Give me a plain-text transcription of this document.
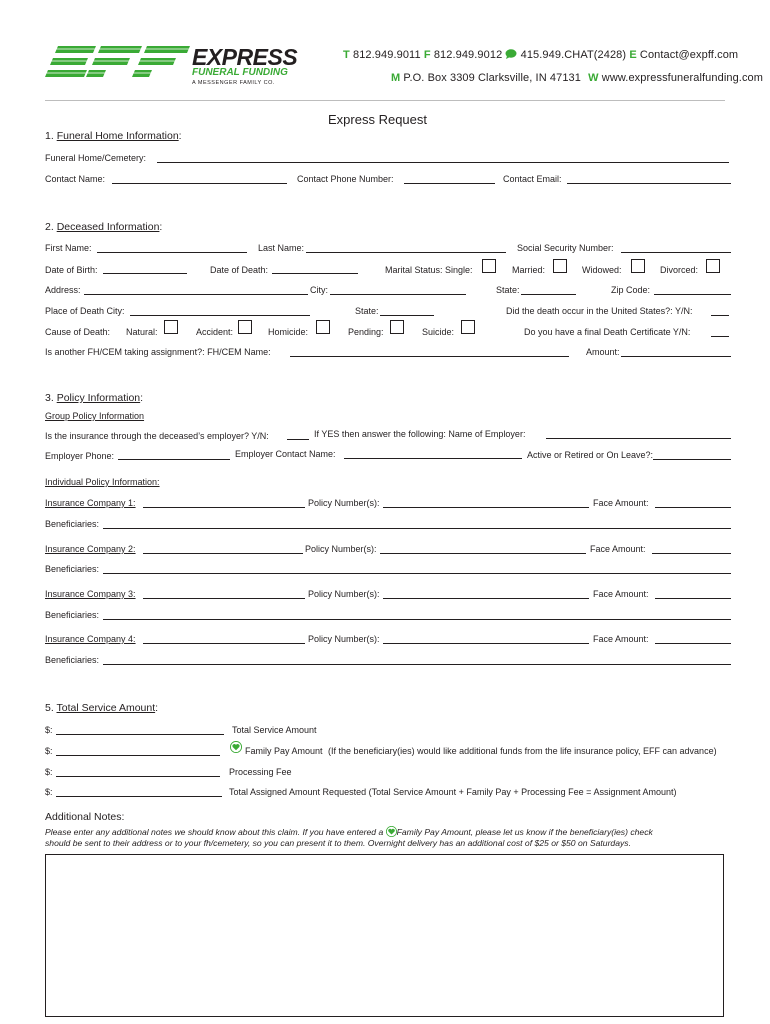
EXPRESS
FUNERAL FUNDING
A MESSENGER FAMILY CO.
T 812.949.9011 F 812.949.9012 415.949.CHAT(2428) E Contact@expff.com
M P.O. Box 3309 Clarksville, IN 47131 W www.expressfuneralfunding.com
Express Request
1. Funeral Home Information:
Funeral Home/Cemetery:
Contact Name:	Contact Phone Number:	Contact Email:
2. Deceased Information:
First Name:	Last Name:	Social Security Number:
Date of Birth:	Date of Death:	Marital Status: Single:	Married:	Widowed:	Divorced:
Address:	City:	State:	Zip Code:
Place of Death City:	State:	Did the death occur in the United States?: Y/N:
Cause of Death: Natural:	Accident:	Homicide:	Pending:	Suicide:	Do you have a final Death Certificate Y/N:
Is another FH/CEM taking assignment?: FH/CEM Name:	Amount:
3. Policy Information:
Group Policy Information
Is the insurance through the deceased’s employer? Y/N:	If YES then answer the following: Name of Employer:
Employer Phone:	Employer Contact Name:	Active or Retired or On Leave?:
Individual Policy Information:
Insurance Company 1:	Policy Number(s):	Face Amount:
Beneficiaries:
Insurance Company 2:	Policy Number(s):	Face Amount:
Beneficiaries:
Insurance Company 3:	Policy Number(s):	Face Amount:
Beneficiaries:
Insurance Company 4:	Policy Number(s):	Face Amount:
Beneficiaries:
5. Total Service Amount:
$:	Total Service Amount
$:	Family Pay Amount (If the beneficiary(ies) would like additional funds from the life insurance policy, EFF can advance)
$:	Processing Fee
$:	Total Assigned Amount Requested (Total Service Amount + Family Pay + Processing Fee = Assignment Amount)
Additional Notes:
Please enter any additional notes we should know about this claim. If you have entered a Family Pay Amount, please let us know if the beneficiary(ies) check
should be sent to their address or to your fh/cemetery, so you can present it to them. Overnight delivery has an additional cost of $25 or $50 on Saturdays.
